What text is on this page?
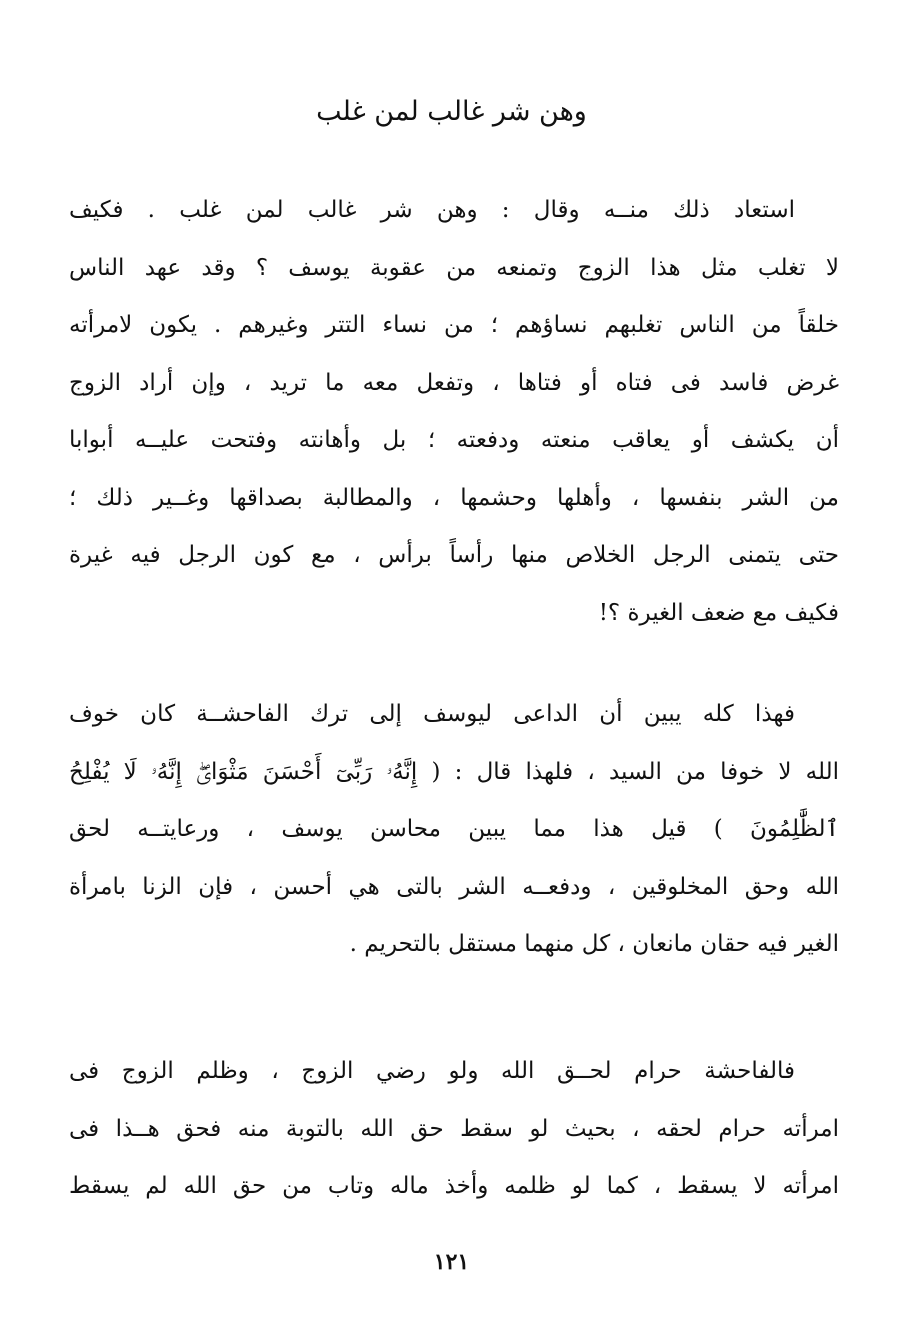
وهن شر غالب لمن غلب
استعاد ذلك منــه وقال : وهن شر غالب لمن غلب . فكيف
لا تغلب مثل هذا الزوج وتمنعه من عقوبة يوسف ؟ وقد عهد الناس
خلقاً من الناس تغلبهم نساؤهم ؛ من نساء التتر وغيرهم . يكون لامرأته
غرض فاسد فى فتاه أو فتاها ، وتفعل معه ما تريد ، وإن أراد الزوج
أن يكشف أو يعاقب منعته ودفعته ؛ بل وأهانته وفتحت عليــه أبوابا
من الشر بنفسها ، وأهلها وحشمها ، والمطالبة بصداقها وغــير ذلك ؛
حتى يتمنى الرجل الخلاص منها رأساً برأس ، مع كون الرجل فيه غيرة
فكيف مع ضعف الغيرة ؟!
فهذا كله يبين أن الداعى ليوسف إلى ترك الفاحشــة كان خوف
الله لا خوفا من السيد ، فلهذا قال : ( إِنَّهُۥ رَبِّىٓ أَحْسَنَ مَثْوَاىَۖ إِنَّهُۥ لَا يُفْلِحُ
ٱلظَّٰلِمُونَ ) قيل هذا مما يبين محاسن يوسف ، ورعايتــه لحق
الله وحق المخلوقين ، ودفعــه الشر بالتى هي أحسن ، فإن الزنا بامرأة
الغير فيه حقان مانعان ، كل منهما مستقل بالتحريم .
فالفاحشة حرام لحــق الله ولو رضي الزوج ، وظلم الزوج فى
امرأته حرام لحقه ، بحيث لو سقط حق الله بالتوبة منه فحق هــذا فى
امرأته لا يسقط ، كما لو ظلمه وأخذ ماله وتاب من حق الله لم يسقط
١٢١
